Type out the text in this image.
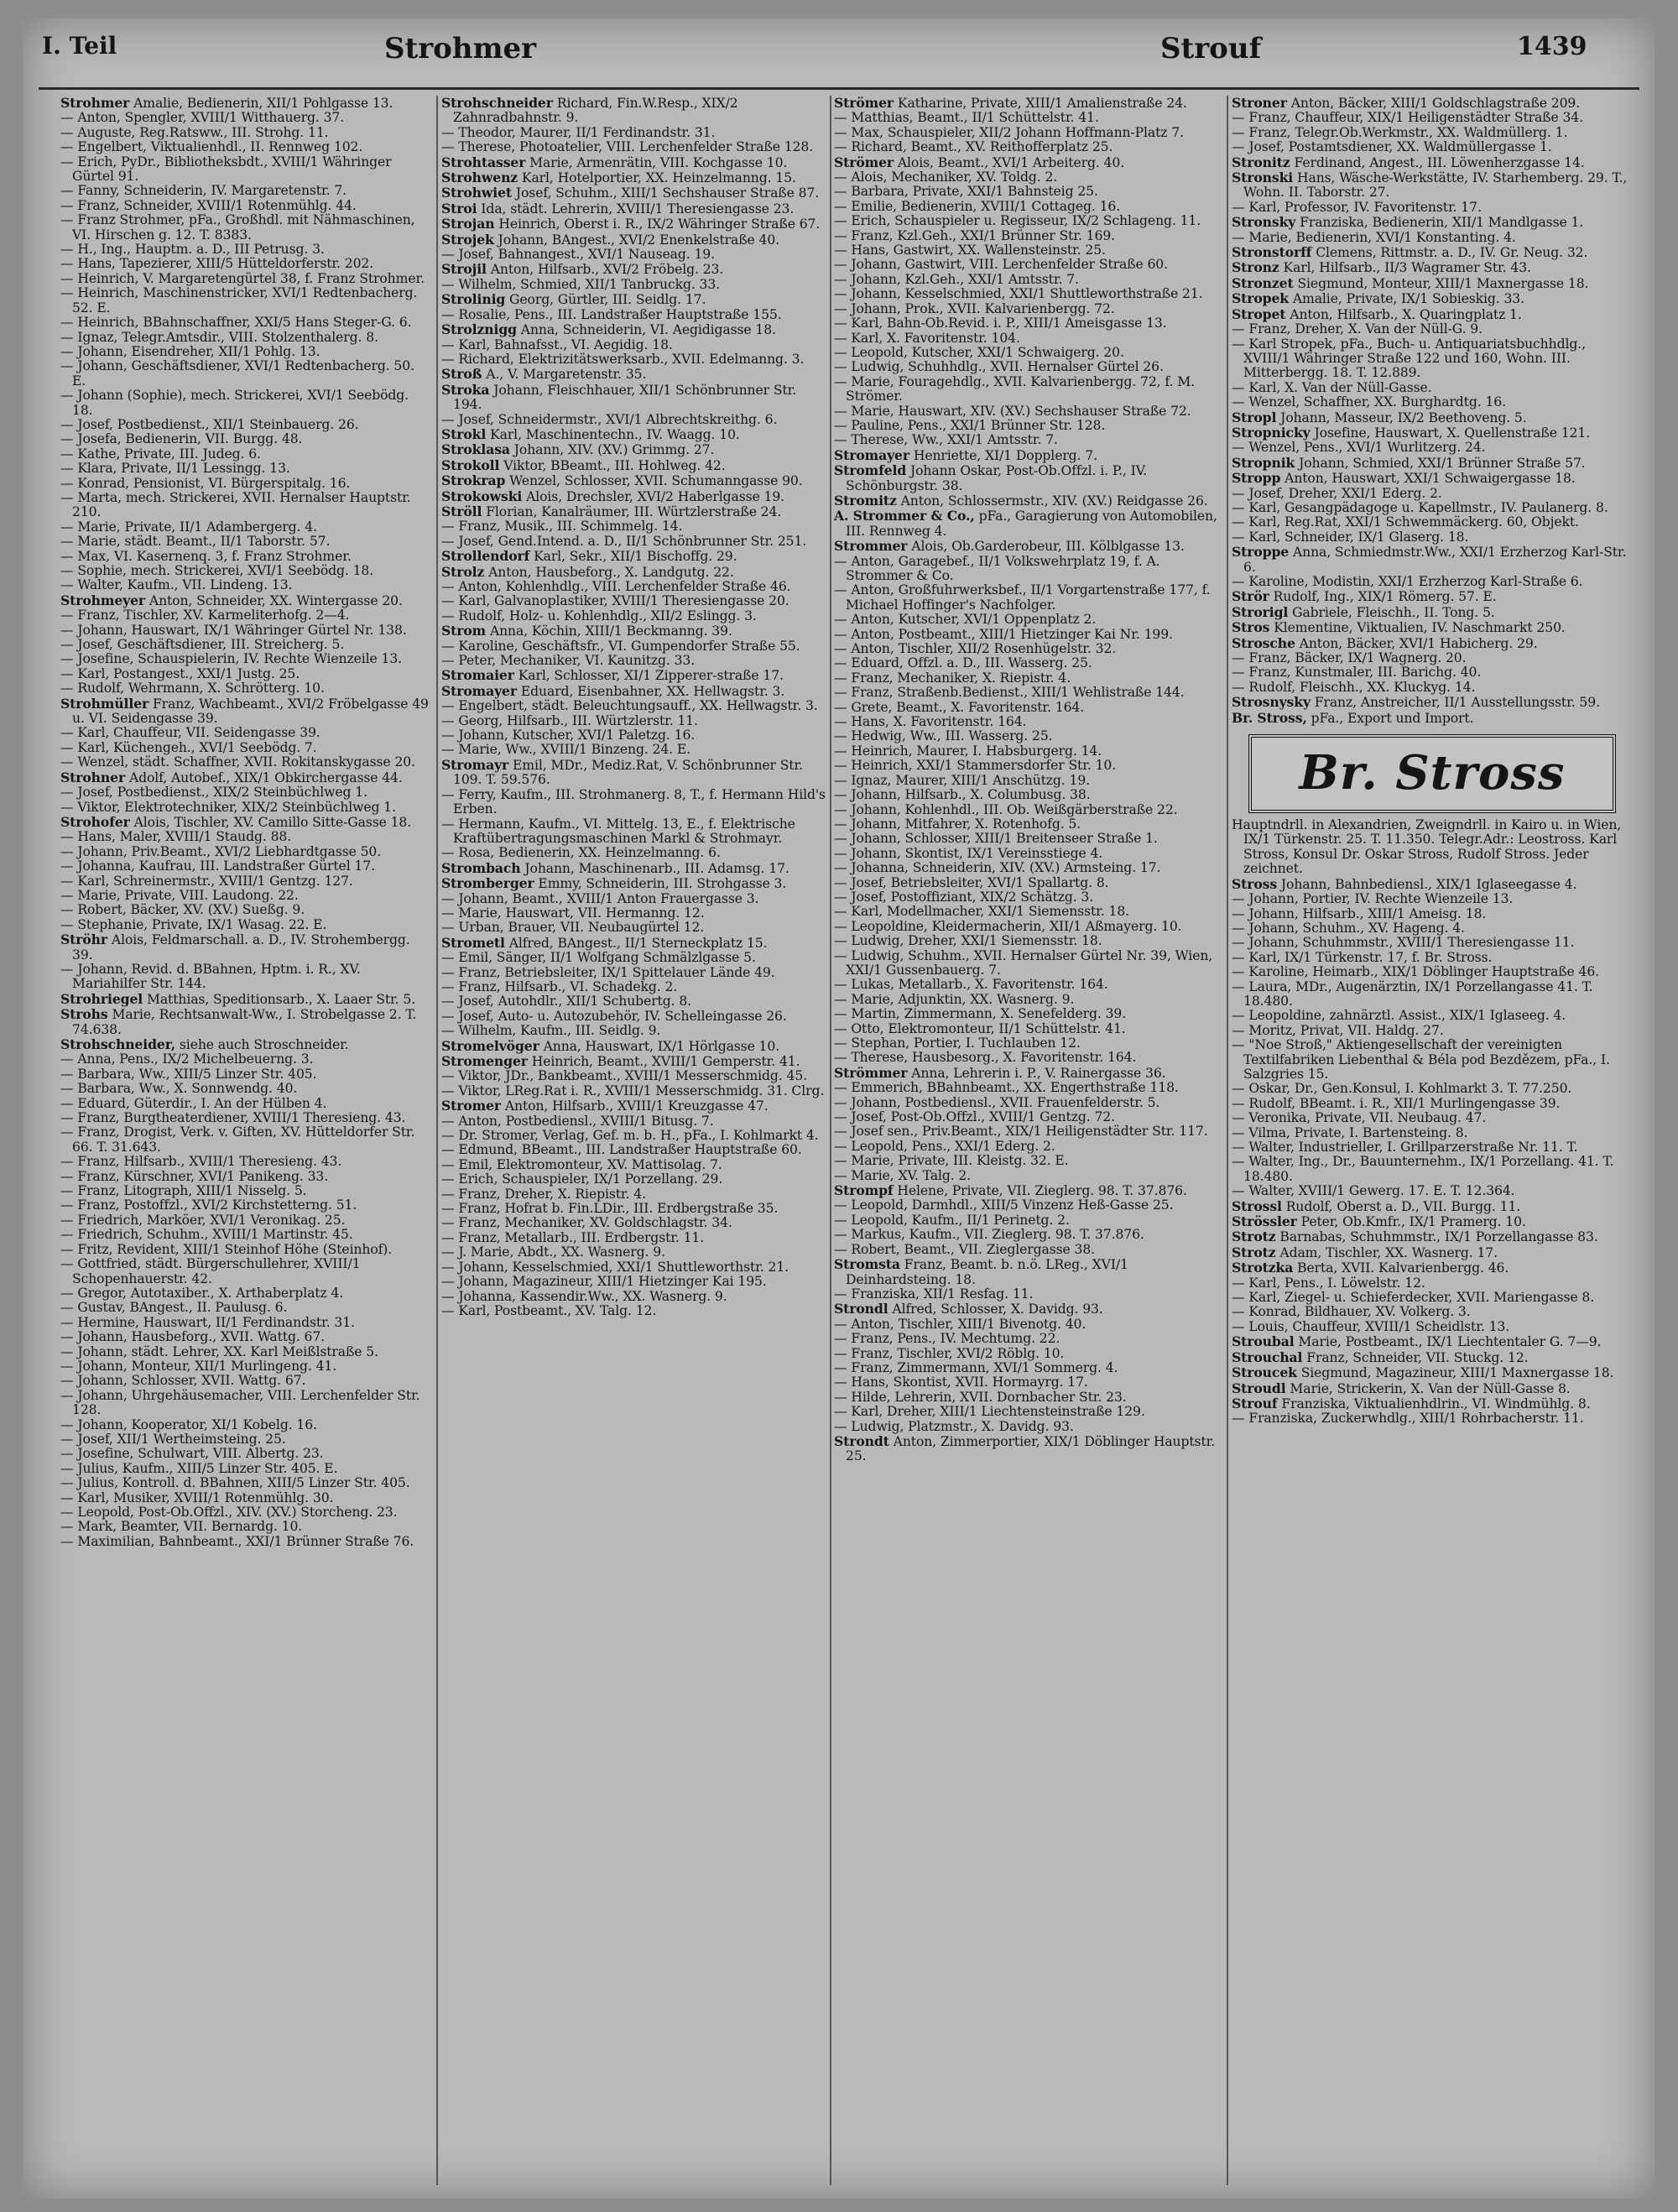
I. Teil	Strohmer	Strouf	1439

Strohmer Amalie, Bedienerin, XII/1 Pohlgasse 13.

— Anton, Spengler, XVIII/1 Witthauerg. 37.

— Auguste, Reg.Ratsww., III. Strohg. 11.

— Engelbert, Viktualienhdl., II. Rennweg 102.

— Erich, PyDr., Bibliotheksbdt., XVIII/1 Währinger Gürtel 91.

— Fanny, Schneiderin, IV. Margaretenstr. 7.

— Franz, Schneider, XVIII/1 Rotenmühlg. 44.

— Franz Strohmer, pFa., Großhdl. mit Nähmaschinen, VI. Hirschen g. 12. T. 8383.

— H., Ing., Hauptm. a. D., III Petrusg. 3.

— Hans, Tapezierer, XIII/5 Hütteldorferstr. 202.

— Heinrich, V. Margaretengürtel 38, f. Franz Strohmer.

— Heinrich, Maschinenstricker, XVI/1 Redtenbacherg. 52. E.

— Heinrich, BBahnschaffner, XXI/5 Hans Steger-G. 6.

— Ignaz, Telegr.Amtsdir., VIII. Stolzenthalerg. 8.

— Johann, Eisendreher, XII/1 Pohlg. 13.

— Johann, Geschäftsdiener, XVI/1 Redtenbacherg. 50. E.

— Johann (Sophie), mech. Strickerei, XVI/1 Seebödg. 18.

— Josef, Postbedienst., XII/1 Steinbauerg. 26.

— Josefa, Bedienerin, VII. Burgg. 48.

— Kathe, Private, III. Judeg. 6.

— Klara, Private, II/1 Lessingg. 13.

— Konrad, Pensionist, VI. Bürgerspitalg. 16.

— Marta, mech. Strickerei, XVII. Hernalser Hauptstr. 210.

— Marie, Private, II/1 Adambergerg. 4.

— Marie, städt. Beamt., II/1 Taborstr. 57.

— Max, VI. Kasernenq. 3, f. Franz Strohmer.

— Sophie, mech. Strickerei, XVI/1 Seebödg. 18.

— Walter, Kaufm., VII. Lindeng. 13.

Strohmeyer Anton, Schneider, XX. Wintergasse 20.

— Franz, Tischler, XV. Karmeliterhofg. 2—4.

— Johann, Hauswart, IX/1 Währinger Gürtel Nr. 138.

— Josef, Geschäftsdiener, III. Streicherg. 5.

— Josefine, Schauspielerin, IV. Rechte Wienzeile 13.

— Karl, Postangest., XXI/1 Justg. 25.

— Rudolf, Wehrmann, X. Schrötterg. 10.

Strohmüller Franz, Wachbeamt., XVI/2 Fröbelgasse 49 u. VI. Seidengasse 39.

— Karl, Chauffeur, VII. Seidengasse 39.

— Karl, Küchengeh., XVI/1 Seebödg. 7.

— Wenzel, städt. Schaffner, XVII. Rokitanskygasse 20.

Strohner Adolf, Autobef., XIX/1 Obkirchergasse 44.

— Josef, Postbedienst., XIX/2 Steinbüchlweg 1.

— Viktor, Elektrotechniker, XIX/2 Steinbüchlweg 1.

Strohofer Alois, Tischler, XV. Camillo Sitte-Gasse 18.

— Hans, Maler, XVIII/1 Staudg. 88.

— Johann, Priv.Beamt., XVI/2 Liebhardtgasse 50.

— Johanna, Kaufrau, III. Landstraßer Gürtel 17.

— Karl, Schreinermstr., XVIII/1 Gentzg. 127.

— Marie, Private, VIII. Laudong. 22.

— Robert, Bäcker, XV. (XV.) Sueßg. 9.

— Stephanie, Private, IX/1 Wasag. 22. E.

Ströhr Alois, Feldmarschall. a. D., IV. Strohembergg. 39.

— Johann, Revid. d. BBahnen, Hptm. i. R., XV. Mariahilfer Str. 144.

Strohriegel Matthias, Speditionsarb., X. Laaer Str. 5.

Strohs Marie, Rechtsanwalt-Ww., I. Strobelgasse 2. T. 74.638.

Strohschneider, siehe auch Stroschneider.

— Anna, Pens., IX/2 Michelbeuerng. 3.

— Barbara, Ww., XIII/5 Linzer Str. 405.

— Barbara, Ww., X. Sonnwendg. 40.

— Eduard, Güterdir., I. An der Hülben 4.

— Franz, Burgtheaterdiener, XVIII/1 Theresieng. 43.

— Franz, Drogist, Verk. v. Giften, XV. Hütteldorfer Str. 66. T. 31.643.

— Franz, Hilfsarb., XVIII/1 Theresieng. 43.

— Franz, Kürschner, XVI/1 Panikeng. 33.

— Franz, Litograph, XIII/1 Nisselg. 5.

— Franz, Postoffzl., XVI/2 Kirchstetterng. 51.

— Friedrich, Marköer, XVI/1 Veronikag. 25.

— Friedrich, Schuhm., XVIII/1 Martinstr. 45.

— Fritz, Revident, XIII/1 Steinhof Höhe (Steinhof).

— Gottfried, städt. Bürgerschullehrer, XVIII/1 Schopenhauerstr. 42.

— Gregor, Autotaxiber., X. Arthaberplatz 4.

— Gustav, BAngest., II. Paulusg. 6.

— Hermine, Hauswart, II/1 Ferdinandstr. 31.

— Johann, Hausbeforg., XVII. Wattg. 67.

— Johann, städt. Lehrer, XX. Karl Meißlstraße 5.

— Johann, Monteur, XII/1 Murlingeng. 41.

— Johann, Schlosser, XVII. Wattg. 67.

— Johann, Uhrgehäusemacher, VIII. Lerchenfelder Str. 128.

— Johann, Kooperator, XI/1 Kobelg. 16.

— Josef, XII/1 Wertheimsteing. 25.

— Josefine, Schulwart, VIII. Albertg. 23.

— Julius, Kaufm., XIII/5 Linzer Str. 405. E.

— Julius, Kontroll. d. BBahnen, XIII/5 Linzer Str. 405.

— Karl, Musiker, XVIII/1 Rotenmühlg. 30.

— Leopold, Post-Ob.Offzl., XIV. (XV.) Storcheng. 23.

— Mark, Beamter, VII. Bernardg. 10.

— Maximilian, Bahnbeamt., XXI/1 Brünner Straße 76.

Strohschneider Richard, Fin.W.Resp., XIX/2 Zahnradbahnstr. 9.

— Theodor, Maurer, II/1 Ferdinandstr. 31.

— Therese, Photoatelier, VIII. Lerchenfelder Straße 128.

Strohtasser Marie, Armenrätin, VIII. Kochgasse 10.

Strohwenz Karl, Hotelportier, XX. Heinzelmanng. 15.

Strohwiet Josef, Schuhm., XIII/1 Sechshauser Straße 87.

Stroi Ida, städt. Lehrerin, XVIII/1 Theresiengasse 23.

Strojan Heinrich, Oberst i. R., IX/2 Währinger Straße 67.

Strojek Johann, BAngest., XVI/2 Enenkelstraße 40.

— Josef, Bahnangest., XVI/1 Nauseag. 19.

Strojil Anton, Hilfsarb., XVI/2 Fröbelg. 23.

— Wilhelm, Schmied, XII/1 Tanbruckg. 33.

Strolinig Georg, Gürtler, III. Seidlg. 17.

— Rosalie, Pens., III. Landstraßer Hauptstraße 155.

Strolznigg Anna, Schneiderin, VI. Aegidigasse 18.

— Karl, Bahnafsst., VI. Aegidig. 18.

— Richard, Elektrizitätswerksarb., XVII. Edelmanng. 3.

Stroß A., V. Margaretenstr. 35.

Stroka Johann, Fleischhauer, XII/1 Schönbrunner Str. 194.

— Josef, Schneidermstr., XVI/1 Albrechtskreithg. 6.

Strokl Karl, Maschinentechn., IV. Waagg. 10.

Stroklasa Johann, XIV. (XV.) Grimmg. 27.

Strokoll Viktor, BBeamt., III. Hohlweg. 42.

Strokrap Wenzel, Schlosser, XVII. Schumanngasse 90.

Strokowski Alois, Drechsler, XVI/2 Haberlgasse 19.

Ströll Florian, Kanalräumer, III. Würtzlerstraße 24.

— Franz, Musik., III. Schimmelg. 14.

— Josef, Gend.Intend. a. D., II/1 Schönbrunner Str. 251.

Strollendorf Karl, Sekr., XII/1 Bischoffg. 29.

Strolz Anton, Hausbeforg., X. Landgutg. 22.

— Anton, Kohlenhdlg., VIII. Lerchenfelder Straße 46.

— Karl, Galvanoplastiker, XVIII/1 Theresiengasse 20.

— Rudolf, Holz- u. Kohlenhdlg., XII/2 Eslingg. 3.

Strom Anna, Köchin, XIII/1 Beckmanng. 39.

— Karoline, Geschäftsfr., VI. Gumpendorfer Straße 55.

— Peter, Mechaniker, VI. Kaunitzg. 33.

Stromaier Karl, Schlosser, XI/1 Zipperer-straße 17.

Stromayer Eduard, Eisenbahner, XX. Hellwagstr. 3.

— Engelbert, städt. Beleuchtungsauff., XX. Hellwagstr. 3.

— Georg, Hilfsarb., III. Würtzlerstr. 11.

— Johann, Kutscher, XVI/1 Paletzg. 16.

— Marie, Ww., XVIII/1 Binzeng. 24. E.

Stromayr Emil, MDr., Mediz.Rat, V. Schönbrunner Str. 109. T. 59.576.

— Ferry, Kaufm., III. Strohmanerg. 8, T., f. Hermann Hild's Erben.

— Hermann, Kaufm., VI. Mittelg. 13, E., f. Elektrische Kraftübertragungsmaschinen Markl & Strohmayr.

— Rosa, Bedienerin, XX. Heinzelmanng. 6.

Strombach Johann, Maschinenarb., III. Adamsg. 17.

Stromberger Emmy, Schneiderin, III. Strohgasse 3.

— Johann, Beamt., XVIII/1 Anton Frauergasse 3.

— Marie, Hauswart, VII. Hermanng. 12.

— Urban, Brauer, VII. Neubaugürtel 12.

Strometl Alfred, BAngest., II/1 Sterneckplatz 15.

— Emil, Sänger, II/1 Wolfgang Schmälzlgasse 5.

— Franz, Betriebsleiter, IX/1 Spittelauer Lände 49.

— Franz, Hilfsarb., VI. Schadekg. 2.

— Josef, Autohdlr., XII/1 Schubertg. 8.

— Josef, Auto- u. Autozubehör, IV. Schelleingasse 26.

— Wilhelm, Kaufm., III. Seidlg. 9.

Stromelvöger Anna, Hauswart, IX/1 Hörlgasse 10.

Stromenger Heinrich, Beamt., XVIII/1 Gemperstr. 41.

— Viktor, JDr., Bankbeamt., XVIII/1 Messerschmidg. 45.

— Viktor, LReg.Rat i. R., XVIII/1 Messerschmidg. 31. Clrg.

Stromer Anton, Hilfsarb., XVIII/1 Kreuzgasse 47.

— Anton, Postbediensl., XVIII/1 Bitusg. 7.

— Dr. Stromer, Verlag, Gef. m. b. H., pFa., I. Kohlmarkt 4.

— Edmund, BBeamt., III. Landstraßer Hauptstraße 60.

— Emil, Elektromonteur, XV. Mattisolag. 7.

— Erich, Schauspieler, IX/1 Porzellang. 29.

— Franz, Dreher, X. Riepistr. 4.

— Franz, Hofrat b. Fin.LDir., III. Erdbergstraße 35.

— Franz, Mechaniker, XV. Goldschlagstr. 34.

— Franz, Metallarb., III. Erdbergstr. 11.

— J. Marie, Abdt., XX. Wasnerg. 9.

— Johann, Kesselschmied, XXI/1 Shuttleworthstr. 21.

— Johann, Magazineur, XIII/1 Hietzinger Kai 195.

— Johanna, Kassendir.Ww., XX. Wasnerg. 9.

— Karl, Postbeamt., XV. Talg. 12.

Strömer Katharine, Private, XIII/1 Amalienstraße 24.

— Matthias, Beamt., II/1 Schüttelstr. 41.

— Max, Schauspieler, XII/2 Johann Hoffmann-Platz 7.

— Richard, Beamt., XV. Reithofferplatz 25.

Strömer Alois, Beamt., XVI/1 Arbeiterg. 40.

— Alois, Mechaniker, XV. Toldg. 2.

— Barbara, Private, XXI/1 Bahnsteig 25.

— Emilie, Bedienerin, XVIII/1 Cottageg. 16.

— Erich, Schauspieler u. Regisseur, IX/2 Schlageng. 11.

— Franz, Kzl.Geh., XXI/1 Brünner Str. 169.

— Hans, Gastwirt, XX. Wallensteinstr. 25.

— Johann, Gastwirt, VIII. Lerchenfelder Straße 60.

— Johann, Kzl.Geh., XXI/1 Amtsstr. 7.

— Johann, Kesselschmied, XXI/1 Shuttleworthstraße 21.

— Johann, Prok., XVII. Kalvarienbergg. 72.

— Karl, Bahn-Ob.Revid. i. P., XIII/1 Ameisgasse 13.

— Karl, X. Favoritenstr. 104.

— Leopold, Kutscher, XXI/1 Schwaigerg. 20.

— Ludwig, Schuhhdlg., XVII. Hernalser Gürtel 26.

— Marie, Fouragehdlg., XVII. Kalvarienbergg. 72, f. M. Strömer.

— Marie, Hauswart, XIV. (XV.) Sechshauser Straße 72.

— Pauline, Pens., XXI/1 Brünner Str. 128.

— Therese, Ww., XXI/1 Amtsstr. 7.

Stromayer Henriette, XI/1 Dopplerg. 7.

Stromfeld Johann Oskar, Post-Ob.Offzl. i. P., IV. Schönburgstr. 38.

Stromitz Anton, Schlossermstr., XIV. (XV.) Reidgasse 26.

A. Strommer & Co., pFa., Garagierung von Automobilen, III. Rennweg 4.

Strommer Alois, Ob.Garderobeur, III. Kölblgasse 13.

— Anton, Garagebef., II/1 Volkswehrplatz 19, f. A. Strommer & Co.

— Anton, Großfuhrwerksbef., II/1 Vorgartenstraße 177, f. Michael Hoffinger's Nachfolger.

— Anton, Kutscher, XVI/1 Oppenplatz 2.

— Anton, Postbeamt., XIII/1 Hietzinger Kai Nr. 199.

— Anton, Tischler, XII/2 Rosenhügelstr. 32.

— Eduard, Offzl. a. D., III. Wasserg. 25.

— Franz, Mechaniker, X. Riepistr. 4.

— Franz, Straßenb.Bedienst., XIII/1 Wehlistraße 144.

— Grete, Beamt., X. Favoritenstr. 164.

— Hans, X. Favoritenstr. 164.

— Hedwig, Ww., III. Wasserg. 25.

— Heinrich, Maurer, I. Habsburgerg. 14.

— Heinrich, XXI/1 Stammersdorfer Str. 10.

— Ignaz, Maurer, XIII/1 Anschützg. 19.

— Johann, Hilfsarb., X. Columbusg. 38.

— Johann, Kohlenhdl., III. Ob. Weißgärberstraße 22.

— Johann, Mitfahrer, X. Rotenhofg. 5.

— Johann, Schlosser, XIII/1 Breitenseer Straße 1.

— Johann, Skontist, IX/1 Vereinsstiege 4.

— Johanna, Schneiderin, XIV. (XV.) Armsteing. 17.

— Josef, Betriebsleiter, XVI/1 Spallartg. 8.

— Josef, Postoffiziant, XIX/2 Schätzg. 3.

— Karl, Modellmacher, XXI/1 Siemensstr. 18.

— Leopoldine, Kleidermacherin, XII/1 Aßmayerg. 10.

— Ludwig, Dreher, XXI/1 Siemensstr. 18.

— Ludwig, Schuhm., XVII. Hernalser Gürtel Nr. 39, Wien, XXI/1 Gussenbauerg. 7.

— Lukas, Metallarb., X. Favoritenstr. 164.

— Marie, Adjunktin, XX. Wasnerg. 9.

— Martin, Zimmermann, X. Senefelderg. 39.

— Otto, Elektromonteur, II/1 Schüttelstr. 41.

— Stephan, Portier, I. Tuchlauben 12.

— Therese, Hausbesorg., X. Favoritenstr. 164.

Strömmer Anna, Lehrerin i. P., V. Rainergasse 36.

— Emmerich, BBahnbeamt., XX. Engerthstraße 118.

— Johann, Postbediensl., XVII. Frauenfelderstr. 5.

— Josef, Post-Ob.Offzl., XVIII/1 Gentzg. 72.

— Josef sen., Priv.Beamt., XIX/1 Heiligenstädter Str. 117.

— Leopold, Pens., XXI/1 Ederg. 2.

— Marie, Private, III. Kleistg. 32. E.

— Marie, XV. Talg. 2.

Strompf Helene, Private, VII. Zieglerg. 98. T. 37.876.

— Leopold, Darmhdl., XIII/5 Vinzenz Heß-Gasse 25.

— Leopold, Kaufm., II/1 Perinetg. 2.

— Markus, Kaufm., VII. Zieglerg. 98. T. 37.876.

— Robert, Beamt., VII. Zieglergasse 38.

Stromsta Franz, Beamt. b. n.ö. LReg., XVI/1 Deinhardsteing. 18.

— Franziska, XII/1 Resfag. 11.

Strondl Alfred, Schlosser, X. Davidg. 93.

— Anton, Tischler, XIII/1 Bivenotg. 40.

— Franz, Pens., IV. Mechtumg. 22.

— Franz, Tischler, XVI/2 Röblg. 10.

— Franz, Zimmermann, XVI/1 Sommerg. 4.

— Hans, Skontist, XVII. Hormayrg. 17.

— Hilde, Lehrerin, XVII. Dornbacher Str. 23.

— Karl, Dreher, XIII/1 Liechtensteinstraße 129.

— Ludwig, Platzmstr., X. Davidg. 93.

Strondt Anton, Zimmerportier, XIX/1 Döblinger Hauptstr. 25.

Stroner Anton, Bäcker, XIII/1 Goldschlagstraße 209.

— Franz, Chauffeur, XIX/1 Heiligenstädter Straße 34.

— Franz, Telegr.Ob.Werkmstr., XX. Waldmüllerg. 1.

— Josef, Postamtsdiener, XX. Waldmüllergasse 1.

Stronitz Ferdinand, Angest., III. Löwenherzgasse 14.

Stronski Hans, Wäsche-Werkstätte, IV. Starhemberg. 29. T., Wohn. II. Taborstr. 27.

— Karl, Professor, IV. Favoritenstr. 17.

Stronsky Franziska, Bedienerin, XII/1 Mandlgasse 1.

— Marie, Bedienerin, XVI/1 Konstanting. 4.

Stronstorff Clemens, Rittmstr. a. D., IV. Gr. Neug. 32.

Stronz Karl, Hilfsarb., II/3 Wagramer Str. 43.

Stronzet Siegmund, Monteur, XIII/1 Maxnergasse 18.

Stropek Amalie, Private, IX/1 Sobieskig. 33.

Stropet Anton, Hilfsarb., X. Quaringplatz 1.

— Franz, Dreher, X. Van der Nüll-G. 9.

— Karl Stropek, pFa., Buch- u. Antiquariatsbuchhdlg., XVIII/1 Währinger Straße 122 und 160, Wohn. III. Mitterbergg. 18. T. 12.889.

— Karl, X. Van der Nüll-Gasse.

— Wenzel, Schaffner, XX. Burghardtg. 16.

Stropl Johann, Masseur, IX/2 Beethoveng. 5.

Stropnicky Josefine, Hauswart, X. Quellenstraße 121.

— Wenzel, Pens., XVI/1 Wurlitzerg. 24.

Stropnik Johann, Schmied, XXI/1 Brünner Straße 57.

Stropp Anton, Hauswart, XXI/1 Schwaigergasse 18.

— Josef, Dreher, XXI/1 Ederg. 2.

— Karl, Gesangpädagoge u. Kapellmstr., IV. Paulanerg. 8.

— Karl, Reg.Rat, XXI/1 Schwemmäckerg. 60, Objekt.

— Karl, Schneider, IX/1 Glaserg. 18.

Stroppe Anna, Schmiedmstr.Ww., XXI/1 Erzherzog Karl-Str. 6.

— Karoline, Modistin, XXI/1 Erzherzog Karl-Straße 6.

Strör Rudolf, Ing., XIX/1 Römerg. 57. E.

Strorigl Gabriele, Fleischh., II. Tong. 5.

Stros Klementine, Viktualien, IV. Naschmarkt 250.

Strosche Anton, Bäcker, XVI/1 Habicherg. 29.

— Franz, Bäcker, IX/1 Wagnerg. 20.

— Franz, Kunstmaler, III. Barichg. 40.

— Rudolf, Fleischh., XX. Kluckyg. 14.

Strosnysky Franz, Anstreicher, II/1 Ausstellungsstr. 59.

Br. Stross, pFa., Export und Import.

Br. Stross

Hauptndrll. in Alexandrien, Zweigndrll. in Kairo u. in Wien, IX/1 Türkenstr. 25. T. 11.350. Telegr.Adr.: Leostross. Karl Stross, Konsul Dr. Oskar Stross, Rudolf Stross. Jeder zeichnet.

Stross Johann, Bahnbediensl., XIX/1 Iglaseegasse 4.

— Johann, Portier, IV. Rechte Wienzeile 13.

— Johann, Hilfsarb., XIII/1 Ameisg. 18.

— Johann, Schuhm., XV. Hageng. 4.

— Johann, Schuhmmstr., XVIII/1 Theresiengasse 11.

— Karl, IX/1 Türkenstr. 17, f. Br. Stross.

— Karoline, Heimarb., XIX/1 Döblinger Hauptstraße 46.

— Laura, MDr., Augenärztin, IX/1 Porzellangasse 41. T. 18.480.

— Leopoldine, zahnärztl. Assist., XIX/1 Iglaseeg. 4.

— Moritz, Privat, VII. Haldg. 27.

— "Noe Stroß," Aktiengesellschaft der vereinigten Textilfabriken Liebenthal & Béla pod Bezdězem, pFa., I. Salzgries 15.

— Oskar, Dr., Gen.Konsul, I. Kohlmarkt 3. T. 77.250.

— Rudolf, BBeamt. i. R., XII/1 Murlingengasse 39.

— Veronika, Private, VII. Neubaug. 47.

— Vilma, Private, I. Bartensteing. 8.

— Walter, Industrieller, I. Grillparzerstraße Nr. 11. T.

— Walter, Ing., Dr., Bauunternehm., IX/1 Porzellang. 41. T. 18.480.

— Walter, XVIII/1 Gewerg. 17. E. T. 12.364.

Strossl Rudolf, Oberst a. D., VII. Burgg. 11.

Strössler Peter, Ob.Kmfr., IX/1 Pramerg. 10.

Strotz Barnabas, Schuhmmstr., IX/1 Porzellangasse 83.

Strotz Adam, Tischler, XX. Wasnerg. 17.

Strotzka Berta, XVII. Kalvarienbergg. 46.

— Karl, Pens., I. Löwelstr. 12.

— Karl, Ziegel- u. Schieferdecker, XVII. Mariengasse 8.

— Konrad, Bildhauer, XV. Volkerg. 3.

— Louis, Chauffeur, XVIII/1 Scheidlstr. 13.

Stroubal Marie, Postbeamt., IX/1 Liechtentaler G. 7—9.

Strouchal Franz, Schneider, VII. Stuckg. 12.

Stroucek Siegmund, Magazineur, XIII/1 Maxnergasse 18.

Stroudl Marie, Strickerin, X. Van der Nüll-Gasse 8.

Strouf Franziska, Viktualienhdlrin., VI. Windmühlg. 8.

— Franziska, Zuckerwhdlg., XIII/1 Rohrbacherstr. 11.
